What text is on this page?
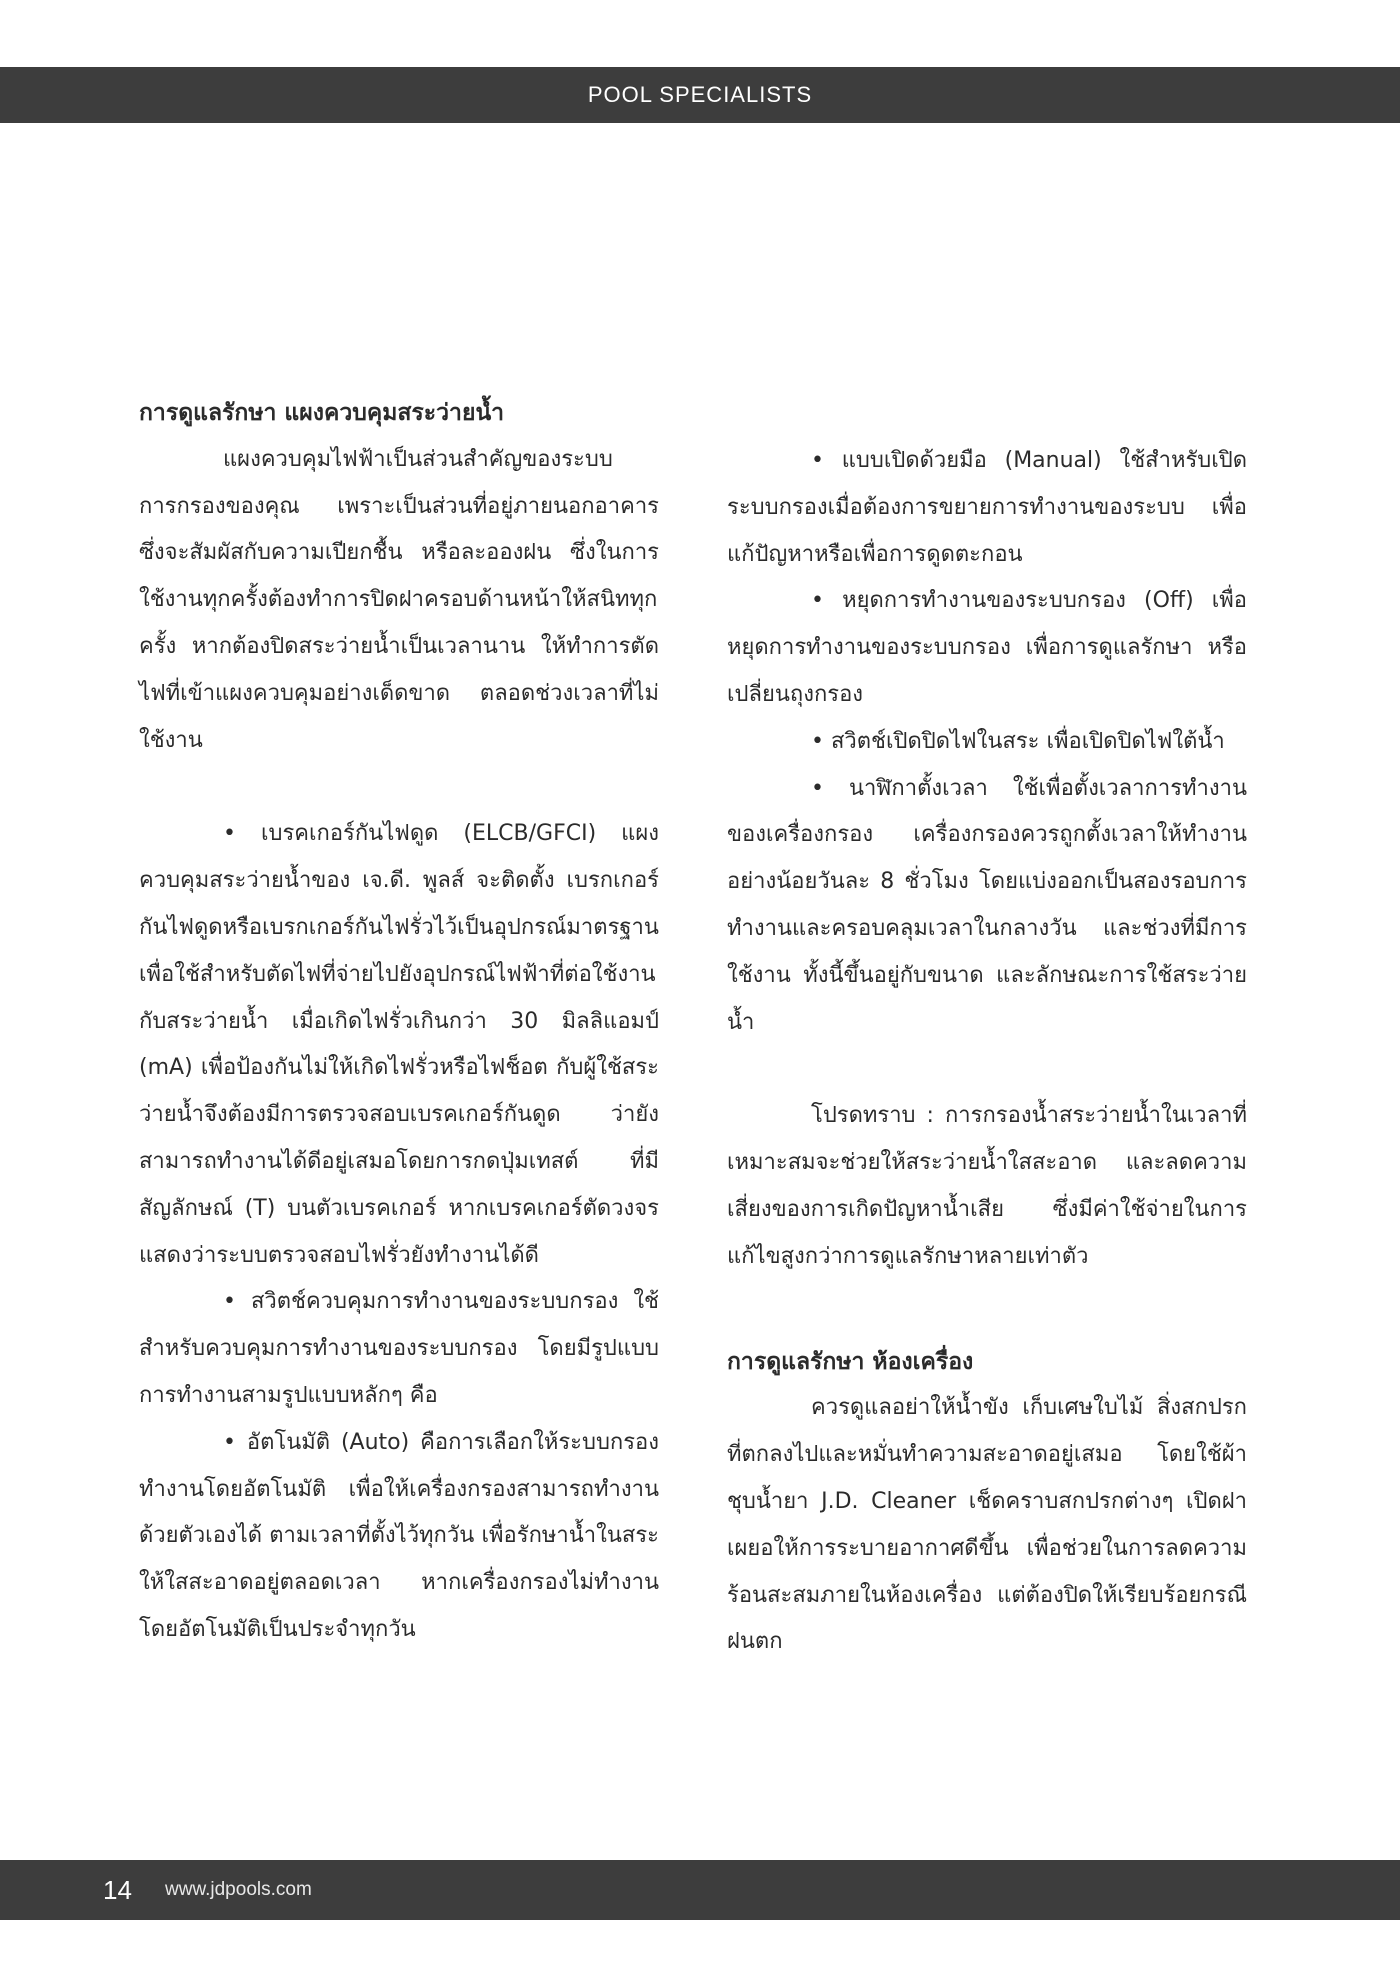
POOL SPECIALISTS

การดูแลรักษา แผงควบคุมสระว่ายน้ำ

แผงควบคุมไฟฟ้าเป็นส่วนสำคัญของระบบการกรองของคุณ เพราะเป็นส่วนที่อยู่ภายนอกอาคาร ซึ่งจะสัมผัสกับความเปียกชื้น หรือละอองฝน ซึ่งในการใช้งานทุกครั้งต้องทำการปิดฝาครอบด้านหน้าให้สนิททุกครั้ง หากต้องปิดสระว่ายน้ำเป็นเวลานาน ให้ทำการตัดไฟที่เข้าแผงควบคุมอย่างเด็ดขาด ตลอดช่วงเวลาที่ไม่ใช้งาน

• เบรคเกอร์กันไฟดูด (ELCB/GFCI) แผงควบคุมสระว่ายน้ำของ เจ.ดี. พูลส์ จะติดตั้ง เบรกเกอร์กันไฟดูดหรือเบรกเกอร์กันไฟรั่วไว้เป็นอุปกรณ์มาตรฐาน เพื่อใช้สำหรับตัดไฟที่จ่ายไปยังอุปกรณ์ไฟฟ้าที่ต่อใช้งานกับสระว่ายน้ำ เมื่อเกิดไฟรั่วเกินกว่า 30 มิลลิแอมป์ (mA) เพื่อป้องกันไม่ให้เกิดไฟรั่วหรือไฟช็อต กับผู้ใช้สระว่ายน้ำจึงต้องมีการตรวจสอบเบรคเกอร์กันดูด ว่ายังสามารถทำงานได้ดีอยู่เสมอโดยการกดปุ่มเทสต์ ที่มีสัญลักษณ์ (T) บนตัวเบรคเกอร์ หากเบรคเกอร์ตัดวงจรแสดงว่าระบบตรวจสอบไฟรั่วยังทำงานได้ดี

• สวิตช์ควบคุมการทำงานของระบบกรอง ใช้สำหรับควบคุมการทำงานของระบบกรอง โดยมีรูปแบบการทำงานสามรูปแบบหลักๆ คือ

• อัตโนมัติ (Auto) คือการเลือกให้ระบบกรองทำงานโดยอัตโนมัติ เพื่อให้เครื่องกรองสามารถทำงานด้วยตัวเองได้ ตามเวลาที่ตั้งไว้ทุกวัน เพื่อรักษาน้ำในสระให้ใสสะอาดอยู่ตลอดเวลา หากเครื่องกรองไม่ทำงานโดยอัตโนมัติเป็นประจำทุกวัน

• แบบเปิดด้วยมือ (Manual) ใช้สำหรับเปิดระบบกรองเมื่อต้องการขยายการทำงานของระบบ เพื่อแก้ปัญหาหรือเพื่อการดูดตะกอน

• หยุดการทำงานของระบบกรอง (Off) เพื่อหยุดการทำงานของระบบกรอง เพื่อการดูแลรักษา หรือเปลี่ยนถุงกรอง

• สวิตช์เปิดปิดไฟในสระ เพื่อเปิดปิดไฟใต้น้ำ

• นาฬิกาตั้งเวลา ใช้เพื่อตั้งเวลาการทำงานของเครื่องกรอง เครื่องกรองควรถูกตั้งเวลาให้ทำงาน อย่างน้อยวันละ 8 ชั่วโมง โดยแบ่งออกเป็นสองรอบการทำงานและครอบคลุมเวลาในกลางวัน และช่วงที่มีการใช้งาน ทั้งนี้ขึ้นอยู่กับขนาด และลักษณะการใช้สระว่ายน้ำ

โปรดทราบ : การกรองน้ำสระว่ายน้ำในเวลาที่เหมาะสมจะช่วยให้สระว่ายน้ำใสสะอาด และลดความเสี่ยงของการเกิดปัญหาน้ำเสีย ซึ่งมีค่าใช้จ่ายในการแก้ไขสูงกว่าการดูแลรักษาหลายเท่าตัว

การดูแลรักษา ห้องเครื่อง

ควรดูแลอย่าให้น้ำขัง เก็บเศษใบไม้ สิ่งสกปรกที่ตกลงไปและหมั่นทำความสะอาดอยู่เสมอ โดยใช้ผ้าชุบน้ำยา J.D. Cleaner เช็ดคราบสกปรกต่างๆ เปิดฝาเผยอให้การระบายอากาศดีขึ้น เพื่อช่วยในการลดความร้อนสะสมภายในห้องเครื่อง แต่ต้องปิดให้เรียบร้อยกรณีฝนตก

14 www.jdpools.com
